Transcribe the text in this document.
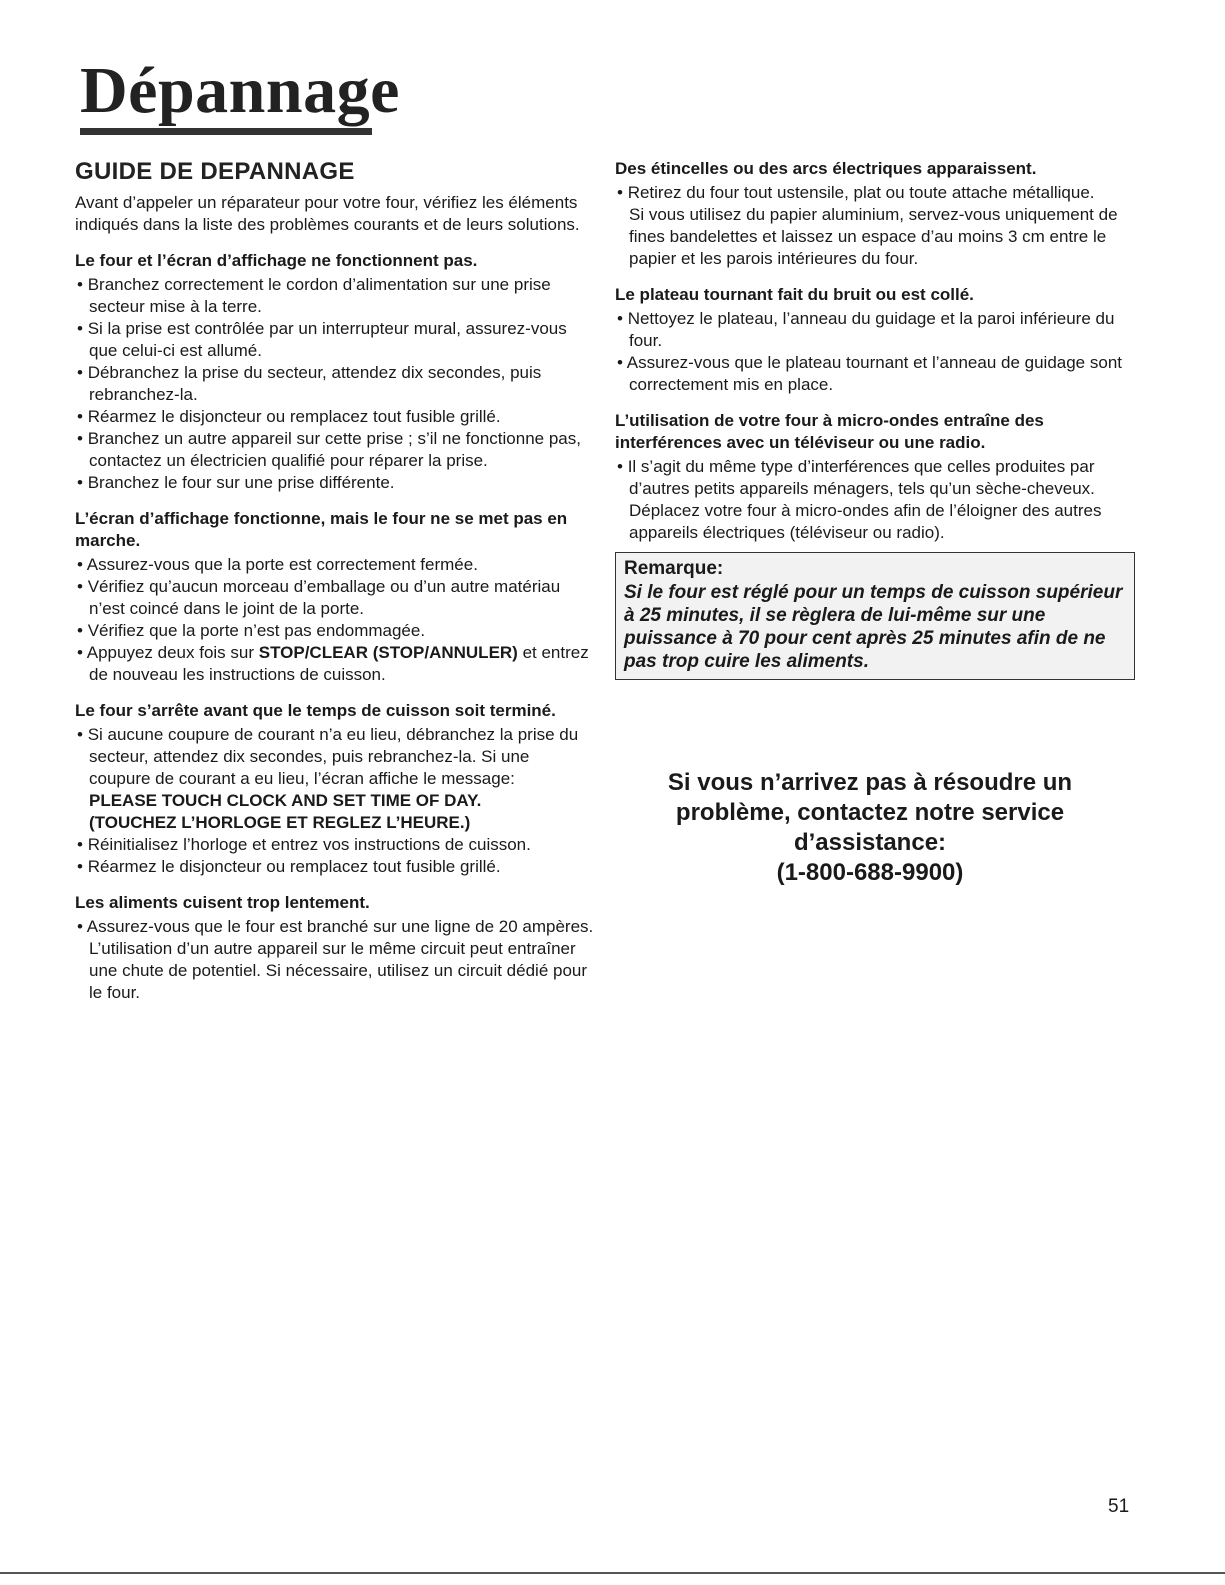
Dépannage
GUIDE DE DEPANNAGE

Avant d’appeler un réparateur pour votre four, vérifiez les éléments indiqués dans la liste des problèmes courants et de leurs solutions.

Le four et l’écran d’affichage ne fonctionnent pas.
• Branchez correctement le cordon d’alimentation sur une prise secteur mise à la terre.
• Si la prise est contrôlée par un interrupteur mural, assurez-vous que celui-ci est allumé.
• Débranchez la prise du secteur, attendez dix secondes, puis rebranchez-la.
• Réarmez le disjoncteur ou remplacez tout fusible grillé.
• Branchez un autre appareil sur cette prise ; s’il ne fonctionne pas, contactez un électricien qualifié pour réparer la prise.
• Branchez le four sur une prise différente.
L’écran d’affichage fonctionne, mais le four ne se met pas en marche.
• Assurez-vous que la porte est correctement fermée.
• Vérifiez qu’aucun morceau d’emballage ou d’un autre matériau n’est coincé dans le joint de la porte.
• Vérifiez que la porte n’est pas endommagée.
• Appuyez deux fois sur STOP/CLEAR (STOP/ANNULER) et entrez de nouveau les instructions de cuisson.
Le four s’arrête avant que le temps de cuisson soit terminé.
• Si aucune coupure de courant n’a eu lieu, débranchez la prise du secteur, attendez dix secondes, puis rebranchez-la. Si une coupure de courant a eu lieu, l’écran affiche le message:
PLEASE TOUCH CLOCK AND SET TIME OF DAY.
(TOUCHEZ L’HORLOGE ET REGLEZ L’HEURE.)
• Réinitialisez l’horloge et entrez vos instructions de cuisson.
• Réarmez le disjoncteur ou remplacez tout fusible grillé.
Les aliments cuisent trop lentement.
• Assurez-vous que le four est branché sur une ligne de 20 ampères.
L’utilisation d’un autre appareil sur le même circuit peut entraîner une chute de potentiel. Si nécessaire, utilisez un circuit dédié pour le four.
Des étincelles ou des arcs électriques apparaissent.
• Retirez du four tout ustensile, plat ou toute attache métallique.
Si vous utilisez du papier aluminium, servez-vous uniquement de fines bandelettes et laissez un espace d’au moins 3 cm entre le papier et les parois intérieures du four.
Le plateau tournant fait du bruit ou est collé.
• Nettoyez le plateau, l’anneau du guidage et la paroi inférieure du four.
• Assurez-vous que le plateau tournant et l’anneau de guidage sont correctement mis en place.
L’utilisation de votre four à micro-ondes entraîne des interférences avec un téléviseur ou une radio.
• Il s’agit du même type d’interférences que celles produites par d’autres petits appareils ménagers, tels qu’un sèche-cheveux.
Déplacez votre four à micro-ondes afin de l’éloigner des autres appareils électriques (téléviseur ou radio).
Remarque:
Si le four est réglé pour un temps de cuisson supérieur à 25 minutes, il se règlera de lui-même sur une puissance à 70 pour cent après 25 minutes afin de ne pas trop cuire les aliments.
Si vous n’arrivez pas à résoudre un
problème, contactez notre service
d’assistance:
(1-800-688-9900)
51
